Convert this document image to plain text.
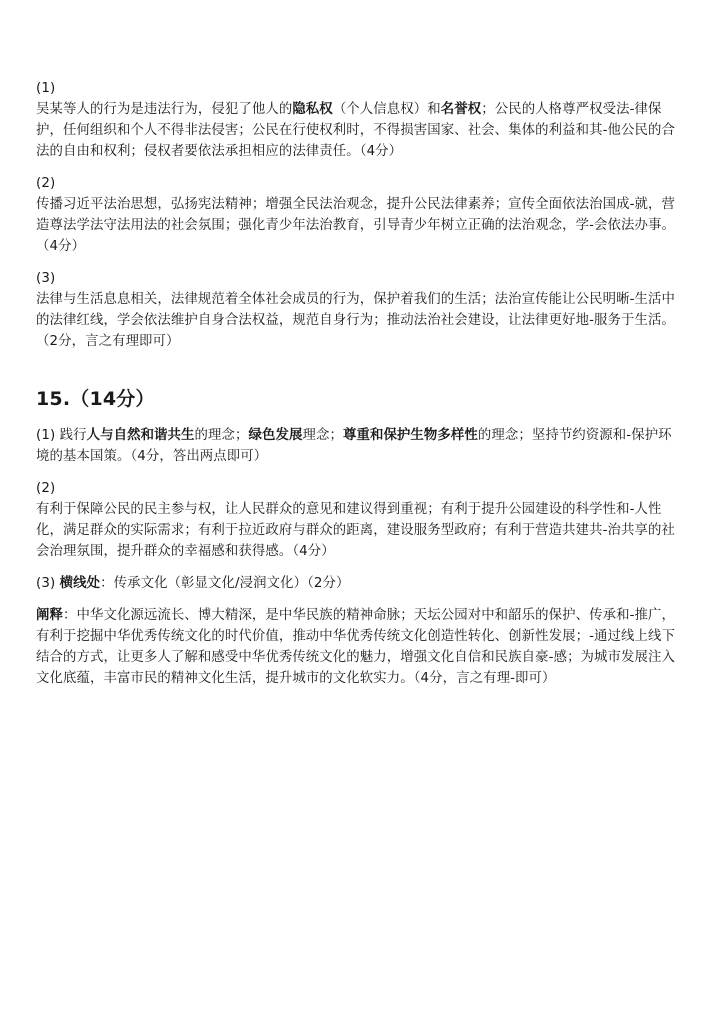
(1)
吴某等人的行为是违法行为，侵犯了他人的隐私权（个人信息权）和名誉权；公民的人格尊严权受法-律保护，任何组织和个人不得非法侵害；公民在行使权利时，不得损害国家、社会、集体的利益和其-他公民的合法的自由和权利；侵权者要依法承担相应的法律责任。（4分）
(2)
传播习近平法治思想，弘扬宪法精神；增强全民法治观念，提升公民法律素养；宣传全面依法治国成-就，营造尊法学法守法用法的社会氛围；强化青少年法治教育，引导青少年树立正确的法治观念，学-会依法办事。（4分）
(3)
法律与生活息息相关，法律规范着全体社会成员的行为，保护着我们的生活；法治宣传能让公民明晰-生活中的法律红线，学会依法维护自身合法权益，规范自身行为；推动法治社会建设，让法律更好地-服务于生活。（2分，言之有理即可）
15.（14分）
(1) 践行人与自然和谐共生的理念；绿色发展理念；尊重和保护生物多样性的理念；坚持节约资源和-保护环境的基本国策。（4分，答出两点即可）
(2)
有利于保障公民的民主参与权，让人民群众的意见和建议得到重视；有利于提升公园建设的科学性和-人性化，满足群众的实际需求；有利于拉近政府与群众的距离，建设服务型政府；有利于营造共建共-治共享的社会治理氛围，提升群众的幸福感和获得感。（4分）
(3) 横线处：传承文化（彰显文化/浸润文化）（2分）
阐释：中华文化源远流长、博大精深，是中华民族的精神命脉；天坛公园对中和韶乐的保护、传承和-推广，有利于挖掘中华优秀传统文化的时代价值，推动中华优秀传统文化创造性转化、创新性发展；-通过线上线下结合的方式，让更多人了解和感受中华优秀传统文化的魅力，增强文化自信和民族自豪-感；为城市发展注入文化底蕴，丰富市民的精神文化生活，提升城市的文化软实力。（4分，言之有理-即可）
